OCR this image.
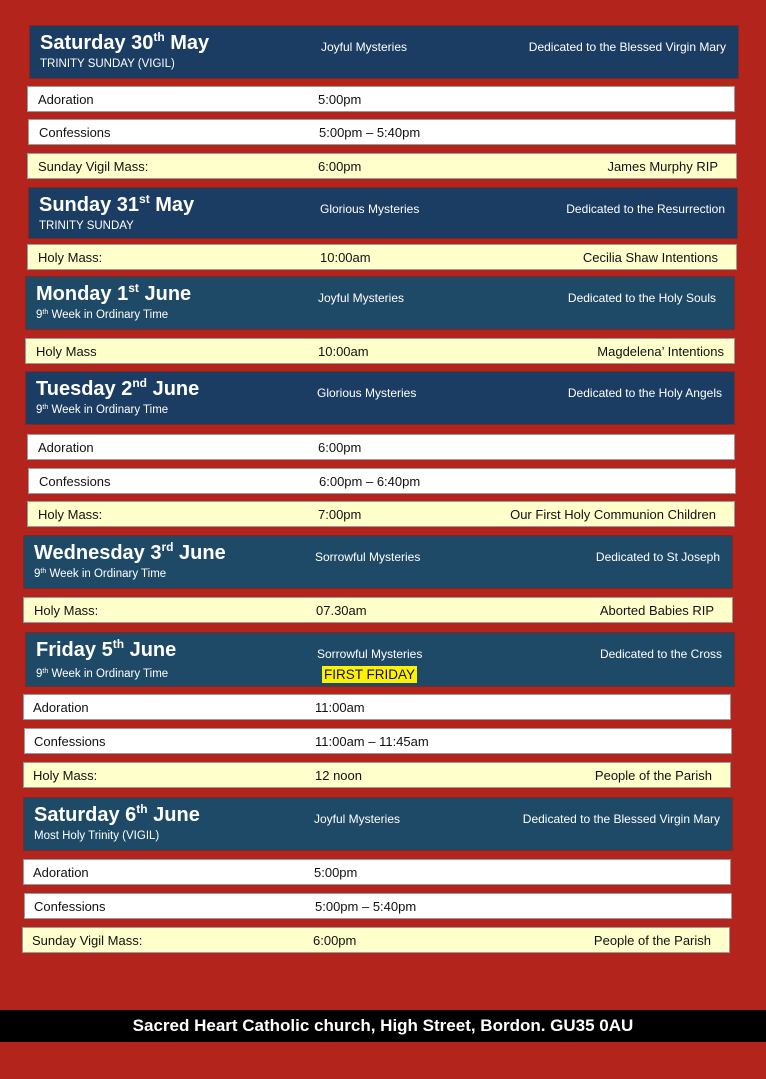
Saturday 30th May
TRINITY SUNDAY (VIGIL)
Joyful Mysteries	Dedicated to the Blessed Virgin Mary
Adoration	5:00pm
Confessions	5:00pm – 5:40pm
Sunday Vigil Mass:	6:00pm	James Murphy RIP
Sunday 31st May
TRINITY SUNDAY
Glorious Mysteries	Dedicated to the Resurrection
Holy Mass:	10:00am	Cecilia Shaw Intentions
Monday 1st June
9th Week in Ordinary Time
Joyful Mysteries	Dedicated to the Holy Souls
Holy Mass	10:00am	Magdelena’ Intentions
Tuesday 2nd June
9th Week in Ordinary Time
Glorious Mysteries	Dedicated to the Holy Angels
Adoration	6:00pm
Confessions	6:00pm – 6:40pm
Holy Mass:	7:00pm	Our First Holy Communion Children
Wednesday 3rd June
9th Week in Ordinary Time
Sorrowful Mysteries	Dedicated to St Joseph
Holy Mass:	07.30am	Aborted Babies RIP
Friday 5th June
9th Week in Ordinary Time
Sorrowful Mysteries
FIRST FRIDAY
Dedicated to the Cross
Adoration	11:00am
Confessions	11:00am – 11:45am
Holy Mass:	12 noon	People of the Parish
Saturday 6th June
Most Holy Trinity (VIGIL)
Joyful Mysteries	Dedicated to the Blessed Virgin Mary
Adoration	5:00pm
Confessions	5:00pm – 5:40pm
Sunday Vigil Mass:	6:00pm	People of the Parish
Sacred Heart Catholic church, High Street, Bordon. GU35 0AU
